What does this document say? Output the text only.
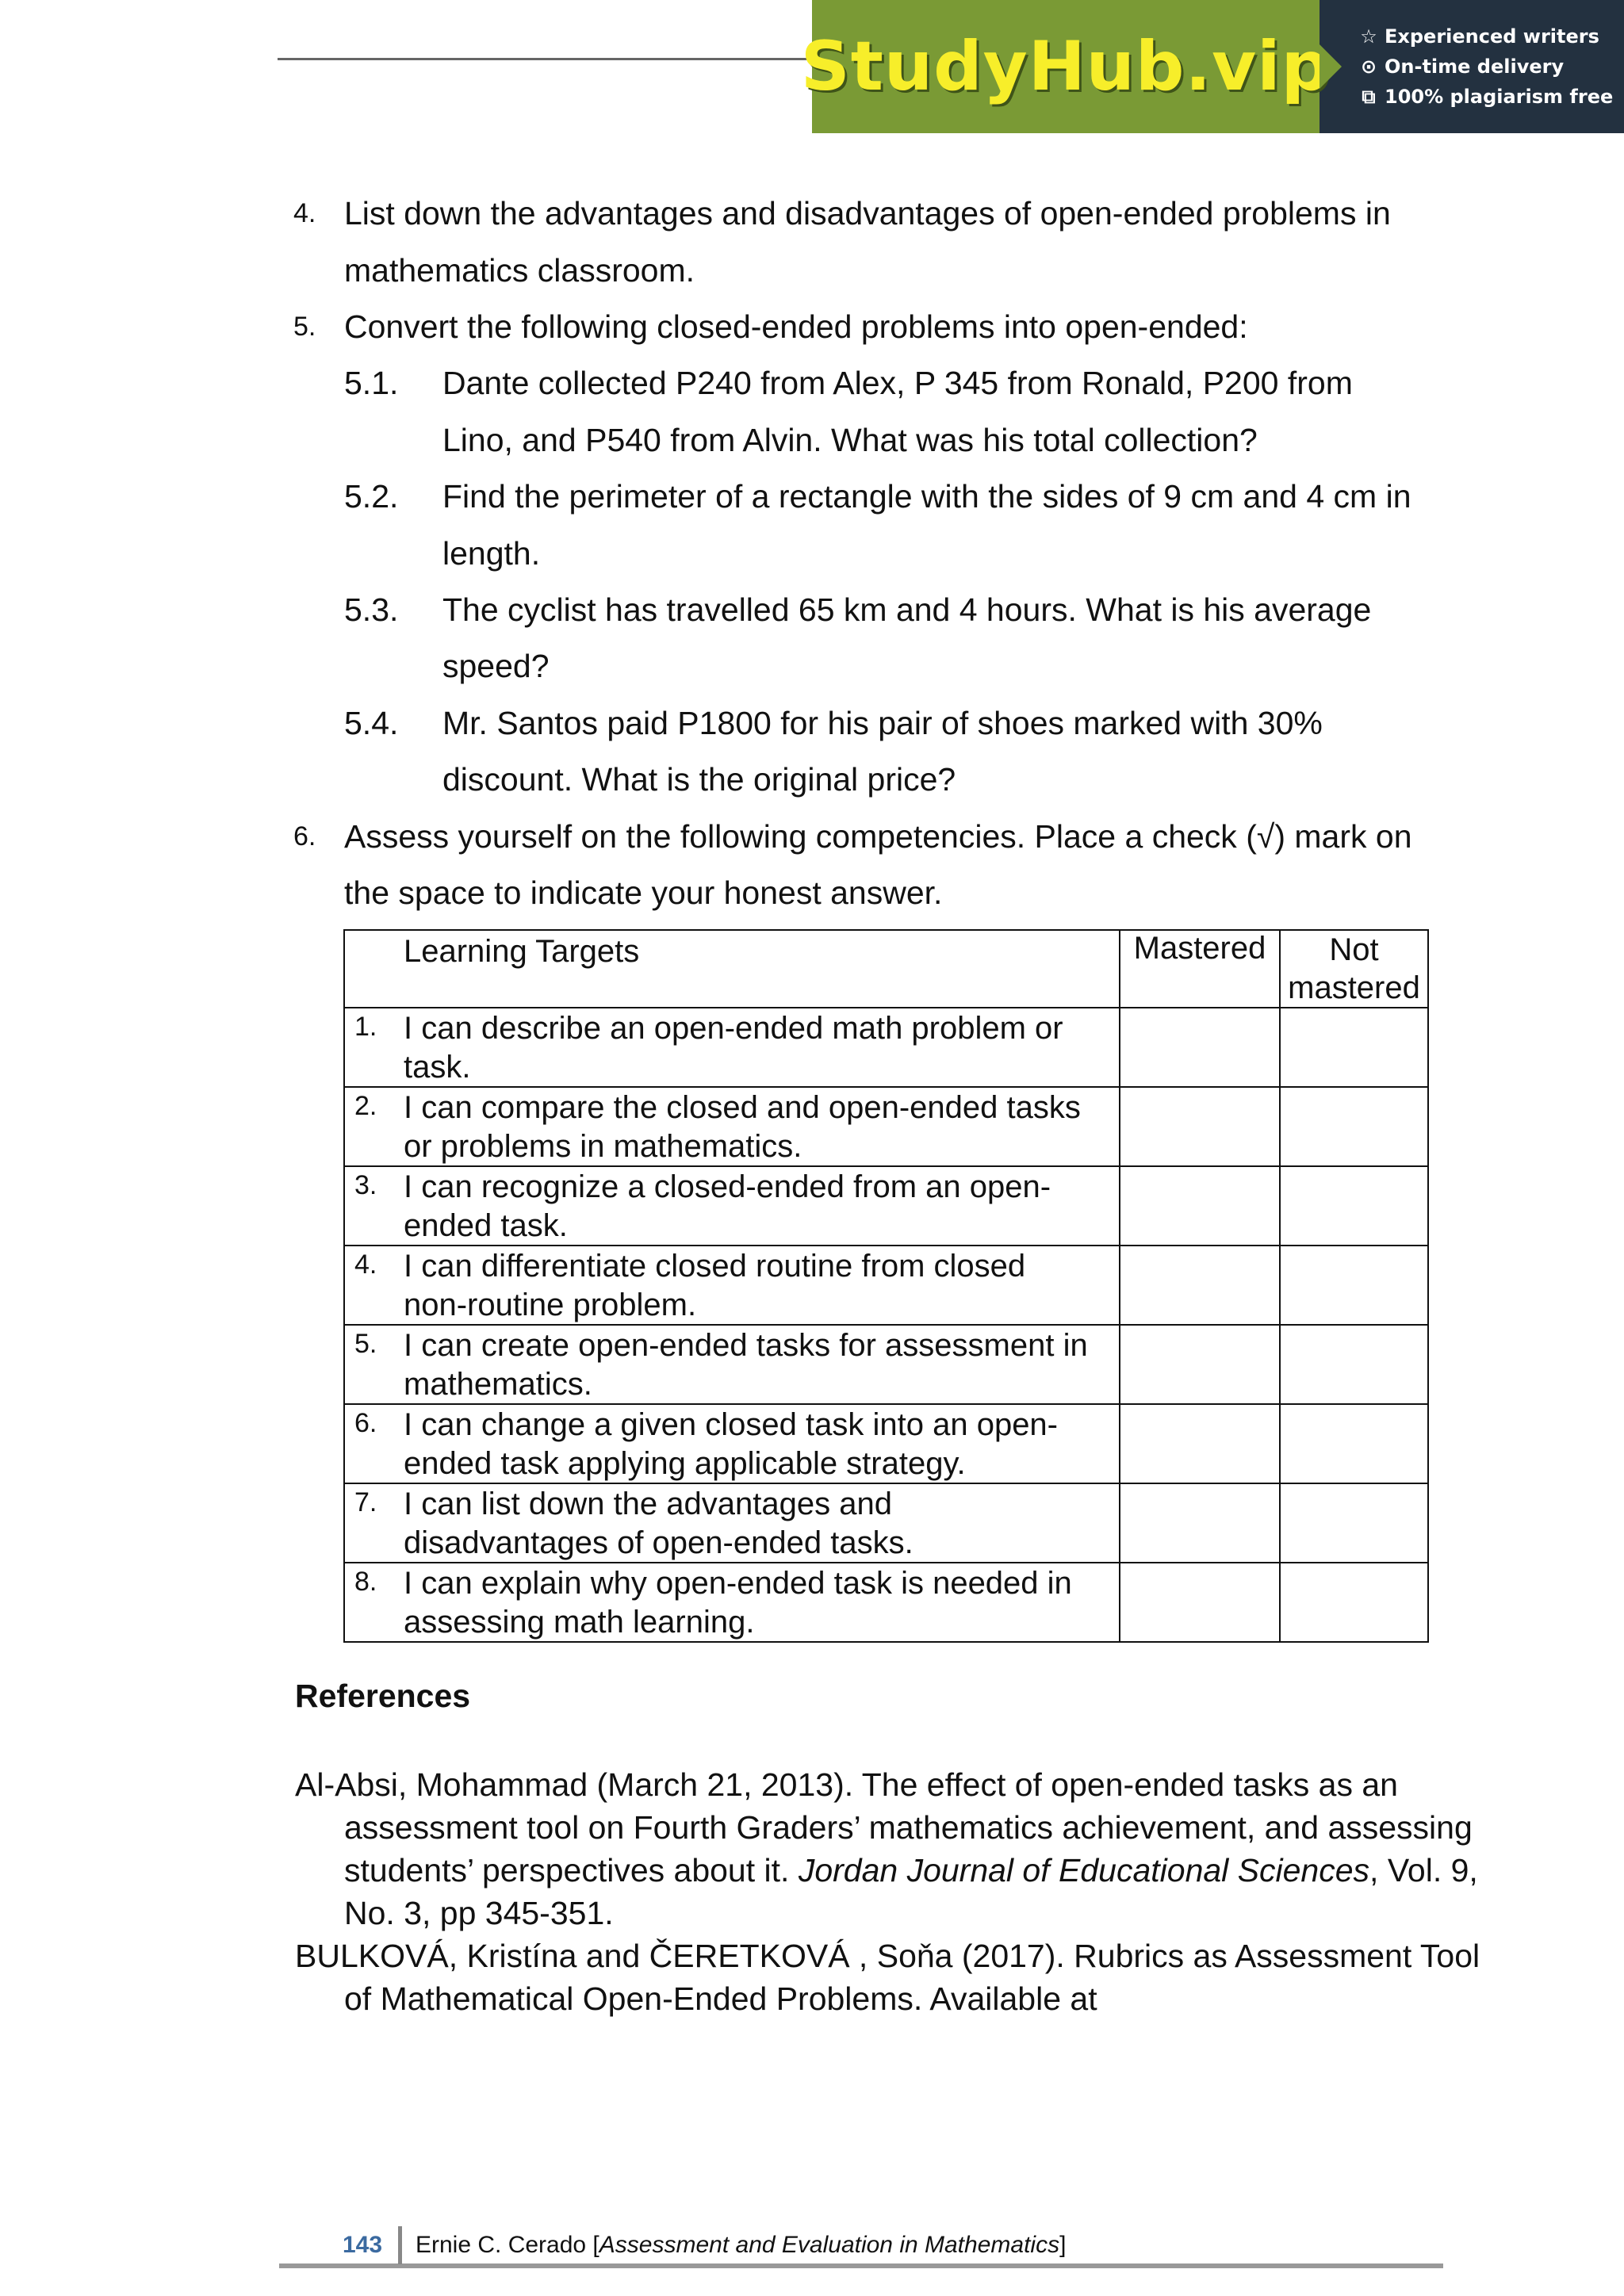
StudyHub.vip ☆ Experienced writers
⊙ On-time delivery
⧉ 100% plagiarism free
4. List down the advantages and disadvantages of open-ended problems in
mathematics classroom.
5. Convert the following closed-ended problems into open-ended:
5.1. Dante collected P240 from Alex, P 345 from Ronald, P200 from
Lino, and P540 from Alvin. What was his total collection?
5.2. Find the perimeter of a rectangle with the sides of 9 cm and 4 cm in
length.
5.3. The cyclist has travelled 65 km and 4 hours. What is his average
speed?
5.4. Mr. Santos paid P1800 for his pair of shoes marked with 30%
discount. What is the original price?
6. Assess yourself on the following competencies. Place a check (√) mark on
the space to indicate your honest answer.
Learning Targets	Mastered	Not
mastered

1. I can describe an open-ended math problem or
task.		

2. I can compare the closed and open-ended tasks
or problems in mathematics.		

3. I can recognize a closed-ended from an open-
ended task.		

4. I can differentiate closed routine from closed
non-routine problem.		

5. I can create open-ended tasks for assessment in
mathematics.		

6. I can change a given closed task into an open-
ended task applying applicable strategy.		

7. I can list down the advantages and
disadvantages of open-ended tasks.		

8. I can explain why open-ended task is needed in
assessing math learning.		

References
Al-Absi, Mohammad (March 21, 2013). The effect of open-ended tasks as an assessment tool on Fourth Graders’ mathematics achievement, and assessing students’ perspectives about it. Jordan Journal of Educational Sciences, Vol. 9, No. 3, pp 345-351.
BULKOVÁ, Kristína and ČERETKOVÁ , Soňa (2017). Rubrics as Assessment Tool of Mathematical Open-Ended Problems. Available at
143 Ernie C. Cerado [Assessment and Evaluation in Mathematics]
